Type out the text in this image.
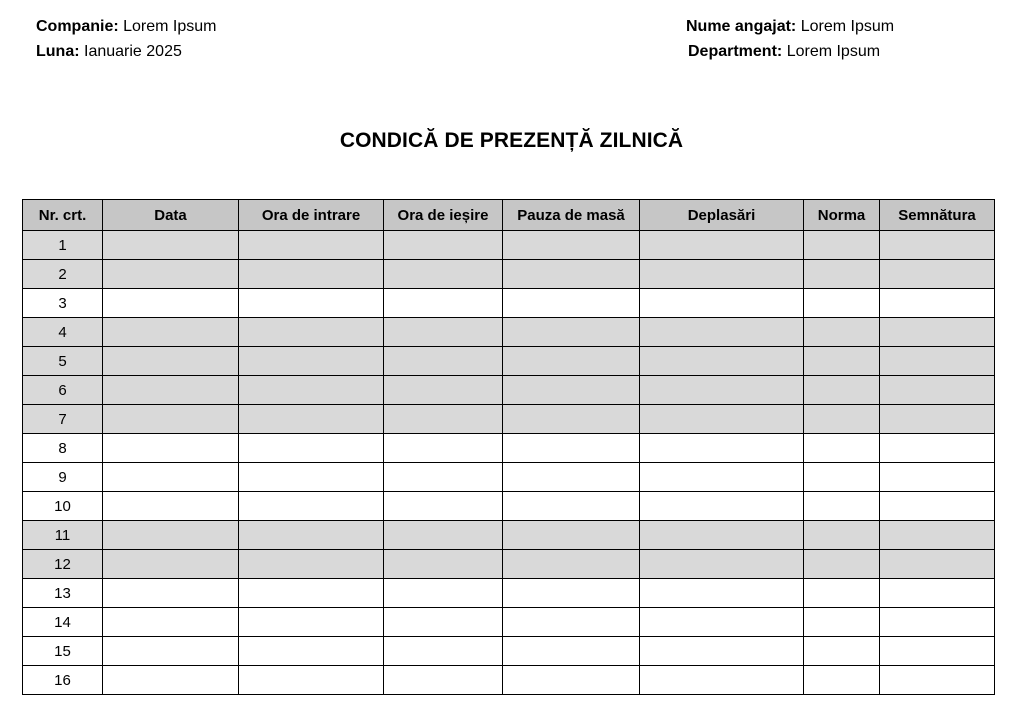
Companie: Lorem Ipsum
Luna: Ianuarie 2025
Nume angajat: Lorem Ipsum
Department: Lorem Ipsum
CONDICĂ DE PREZENȚĂ ZILNICĂ
Nr. crt.	Data	Ora de intrare	Ora de ieșire	Pauza de masă	Deplasări	Norma	Semnătura
1							
2							
3							
4							
5							
6							
7							
8							
9							
10							
11							
12							
13							
14							
15							
16							
